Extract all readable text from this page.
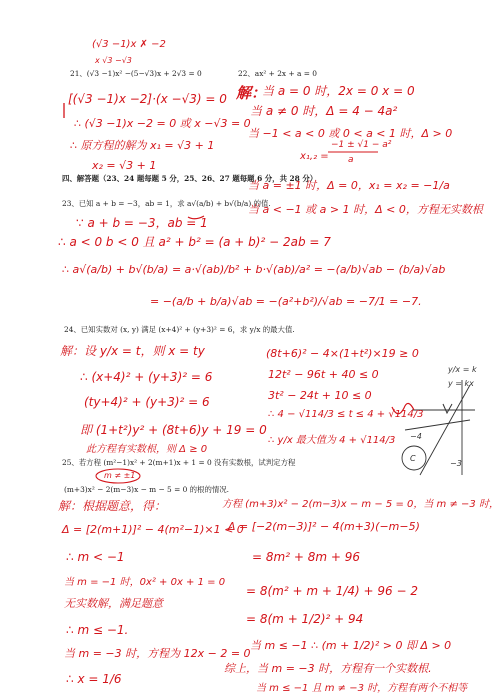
(√3 −1)x ✗ −2
x √3 −√3
21、(√3 −1)x² −(5−√3)x + 2√3 = 0
[(√3 −1)x −2]·(x −√3) = 0
∴ (√3 −1)x −2 = 0 或 x −√3 = 0
∴ 原方程的解为 x₁ = √3 + 1
x₂ = √3 + 1
22、ax² + 2x + a = 0
解：
当 a = 0 时，2x = 0 x = 0
当 a ≠ 0 时，Δ = 4 − 4a²
当 −1 < a < 0 或 0 < a < 1 时，Δ > 0
x₁,₂ =
−1 ± √1 − a²
a
当 a = ±1 时，Δ = 0，x₁ = x₂ = −1/a
当 a < −1 或 a > 1 时，Δ < 0，方程无实数根
四、解答题（23、24 题每题 5 分，25、26、27 题每题 6 分，共 28 分）
23、已知 a + b = −3，ab = 1，求 a√(a/b) + b√(b/a) 的值.
∵ a + b = −3，ab = 1
∴ a < 0 b < 0 且 a² + b² = (a + b)² − 2ab = 7
∴ a√(a/b) + b√(b/a) = a·√(ab)/b² + b·√(ab)/a² = −(a/b)√ab − (b/a)√ab
= −(a/b + b/a)√ab = −(a²+b²)/√ab = −7/1 = −7.
24、已知实数对 (x, y) 满足 (x+4)² + (y+3)² = 6，求 y/x 的最大值.
解：设 y/x = t，则 x = ty
∴ (x+4)² + (y+3)² = 6
(ty+4)² + (y+3)² = 6
即 (1+t²)y² + (8t+6)y + 19 = 0
此方程有实数根，则 Δ ≥ 0
(8t+6)² − 4×(1+t²)×19 ≥ 0
12t² − 96t + 40 ≤ 0
3t² − 24t + 10 ≤ 0
∴ 4 − √114/3 ≤ t ≤ 4 + √114/3
∴ y/x 最大值为 4 + √114/3
y/x = k
y = kx
−4
−3
C
25、若方程 (m²−1)x² + 2(m+1)x + 1 = 0 没有实数根，试判定方程
m ≠ ±1
(m+3)x² − 2(m−3)x − m − 5 = 0 的根的情况.
解：根据题意，得：
Δ = [2(m+1)]² − 4(m²−1)×1 < 0
∴ m < −1
当 m = −1 时，0x² + 0x + 1 = 0
无实数解，满足题意
∴ m ≤ −1.
当 m = −3 时，方程为 12x − 2 = 0
∴ x = 1/6
方程 (m+3)x² − 2(m−3)x − m − 5 = 0，当 m ≠ −3 时，
Δ = [−2(m−3)]² − 4(m+3)(−m−5)
= 8m² + 8m + 96
= 8(m² + m + 1/4) + 96 − 2
= 8(m + 1/2)² + 94
当 m ≤ −1 ∴ (m + 1/2)² > 0 即 Δ > 0
综上，当 m = −3 时，方程有一个实数根.
当 m ≤ −1 且 m ≠ −3 时，方程有两个不相等
